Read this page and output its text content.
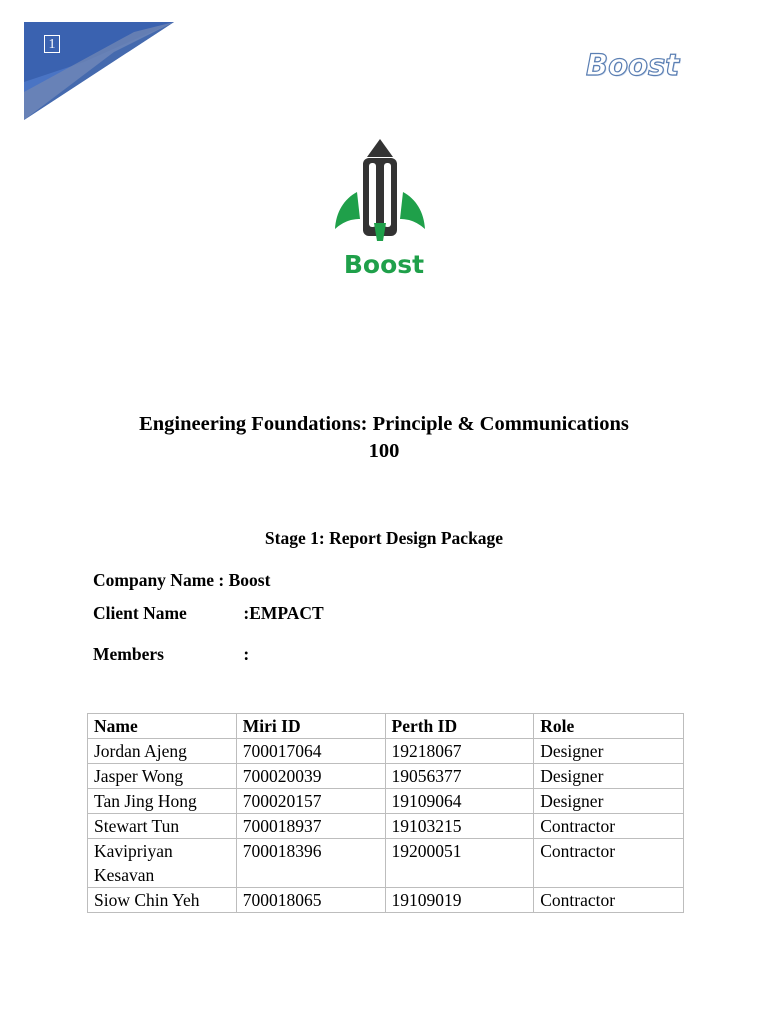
1
Boost
Boost
Engineering Foundations: Principle & Communications
100
Stage 1: Report Design Package
Company Name : Boost
Client Name	:EMPACT
Members	:
Name	Miri ID	Perth ID	Role
Jordan Ajeng	700017064	19218067	Designer
Jasper Wong	700020039	19056377	Designer
Tan Jing Hong	700020157	19109064	Designer
Stewart Tun	700018937	19103215	Contractor
Kavipriyan Kesavan	700018396	19200051	Contractor
Siow Chin Yeh	700018065	19109019	Contractor
